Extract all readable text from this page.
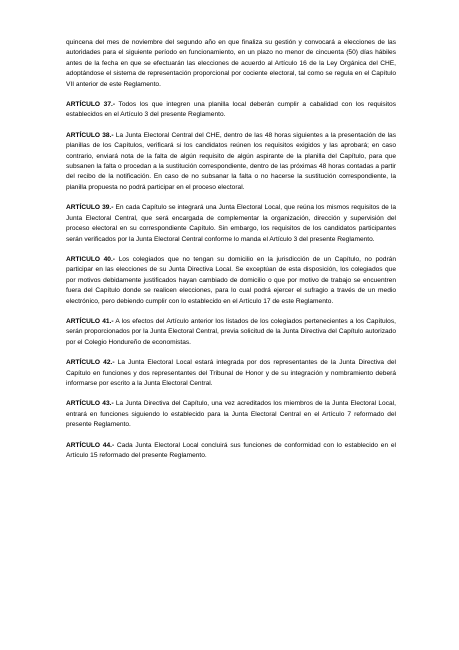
quincena del mes de noviembre del segundo año en que finaliza su gestión y convocará a elecciones de las autoridades para el siguiente período en funcionamiento, en un plazo no menor de cincuenta (50) días hábiles antes de la fecha en que se efectuarán las elecciones de acuerdo al Artículo 16 de la Ley Orgánica del CHE, adoptándose el sistema de representación proporcional por cociente electoral, tal como se regula en el Capítulo VII anterior de este Reglamento.

ARTÍCULO 37.- Todos los que integren una planilla local deberán cumplir a cabalidad con los requisitos establecidos en el Artículo 3 del presente Reglamento.

ARTÍCULO 38.- La Junta Electoral Central del CHE, dentro de las 48 horas siguientes a la presentación de las planillas de los Capítulos, verificará si los candidatos reúnen los requisitos exigidos y las aprobará; en caso contrario, enviará nota de la falta de algún requisito de algún aspirante de la planilla del Capítulo, para que subsanen la falta o procedan a la sustitución correspondiente, dentro de las próximas 48 horas contadas a partir del recibo de la notificación. En caso de no subsanar la falta o no hacerse la sustitución correspondiente, la planilla propuesta no podrá participar en el proceso electoral.

ARTÍCULO 39.- En cada Capítulo se integrará una Junta Electoral Local, que reúna los mismos requisitos de la Junta Electoral Central, que será encargada de complementar la organización, dirección y supervisión del proceso electoral en su correspondiente Capítulo. Sin embargo, los requisitos de los candidatos participantes serán verificados por la Junta Electoral Central conforme lo manda el Artículo 3 del presente Reglamento.

ARTICULO 40.- Los colegiados que no tengan su domicilio en la jurisdicción de un Capítulo, no podrán participar en las elecciones de su Junta Directiva Local. Se exceptúan de esta disposición, los colegiados que por motivos debidamente justificados hayan cambiado de domicilio o que por motivo de trabajo se encuentren fuera del Capítulo donde se realicen elecciones, para lo cual podrá ejercer el sufragio a través de un medio electrónico, pero debiendo cumplir con lo establecido en el Artículo 17 de este Reglamento.

ARTÍCULO 41.- A los efectos del Artículo anterior los listados de los colegiados pertenecientes a los Capítulos, serán proporcionados por la Junta Electoral Central, previa solicitud de la Junta Directiva del Capítulo autorizado por el Colegio Hondureño de economistas.

ARTÍCULO 42.- La Junta Electoral Local estará integrada por dos representantes de la Junta Directiva del Capítulo en funciones y dos representantes del Tribunal de Honor y de su integración y nombramiento deberá informarse por escrito a la Junta Electoral Central.

ARTÍCULO 43.- La Junta Directiva del Capítulo, una vez acreditados los miembros de la Junta Electoral Local, entrará en funciones siguiendo lo establecido para la Junta Electoral Central en el Artículo 7 reformado del presente Reglamento.

ARTÍCULO 44.- Cada Junta Electoral Local concluirá sus funciones de conformidad con lo establecido en el Artículo 15 reformado del presente Reglamento.
